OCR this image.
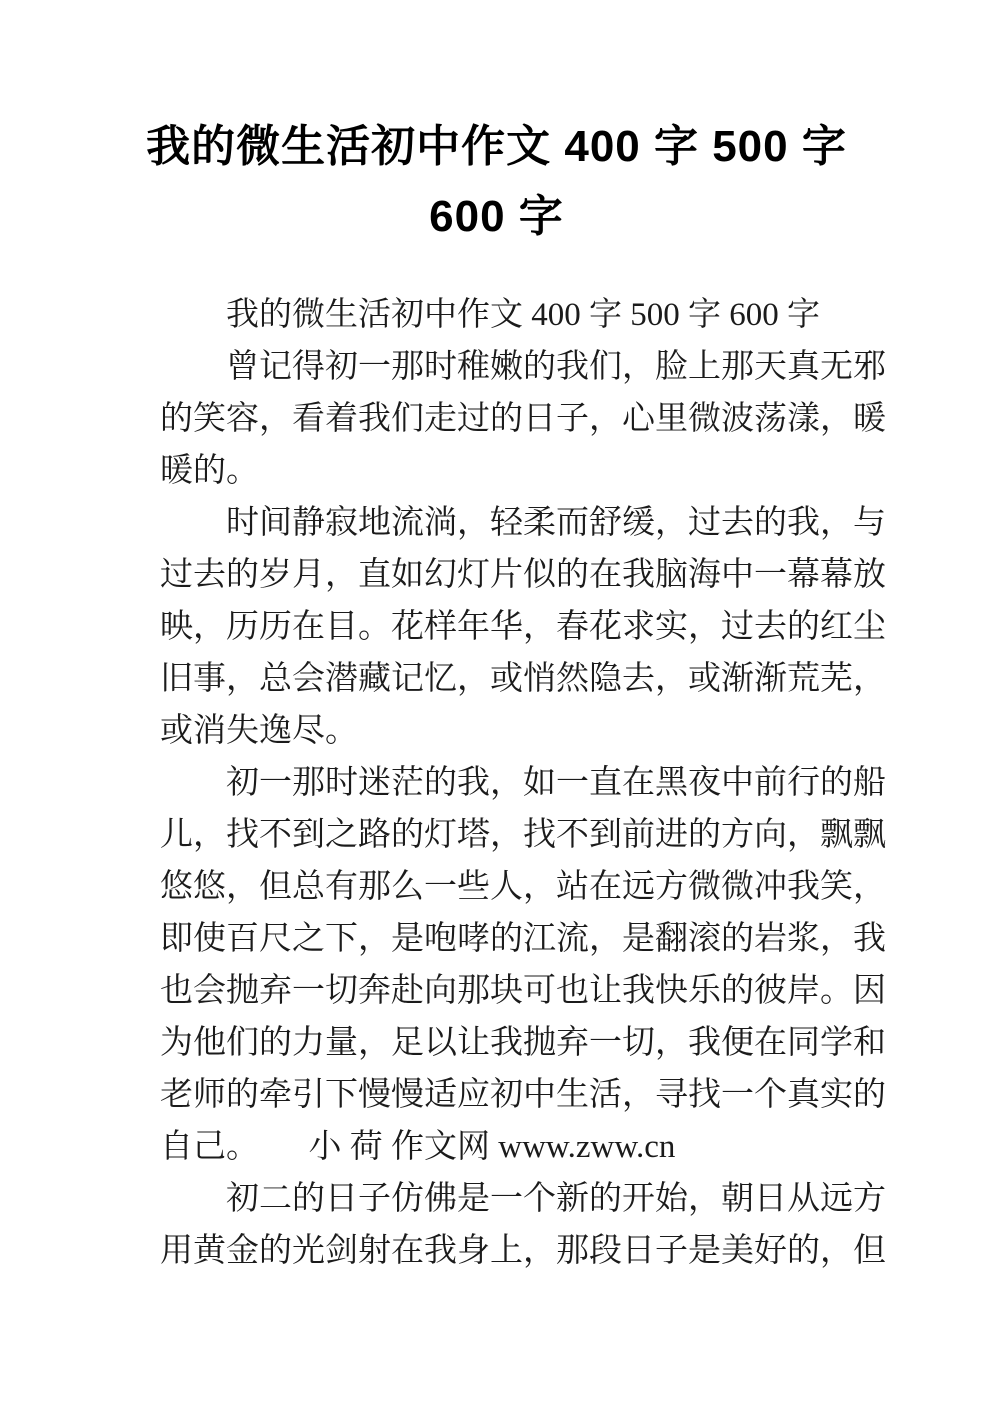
我的微生活初中作文 400 字 500 字
600 字
我的微生活初中作文 400 字 500 字 600 字
曾记得初一那时稚嫩的我们，脸上那天真无邪
的笑容，看着我们走过的日子，心里微波荡漾，暖
暖的。
时间静寂地流淌，轻柔而舒缓，过去的我，与
过去的岁月，直如幻灯片似的在我脑海中一幕幕放
映，历历在目。花样年华，春花求实，过去的红尘
旧事，总会潜藏记忆，或悄然隐去，或渐渐荒芜，
或消失逸尽。
初一那时迷茫的我，如一直在黑夜中前行的船
儿，找不到之路的灯塔，找不到前进的方向，飘飘
悠悠，但总有那么一些人，站在远方微微冲我笑，
即使百尺之下，是咆哮的江流，是翻滚的岩浆，我
也会抛弃一切奔赴向那块可也让我快乐的彼岸。因
为他们的力量，足以让我抛弃一切，我便在同学和
老师的牵引下慢慢适应初中生活，寻找一个真实的
自己。　　小 荷 作文网 www.zww.cn
初二的日子仿佛是一个新的开始，朝日从远方
用黄金的光剑射在我身上，那段日子是美好的，但
